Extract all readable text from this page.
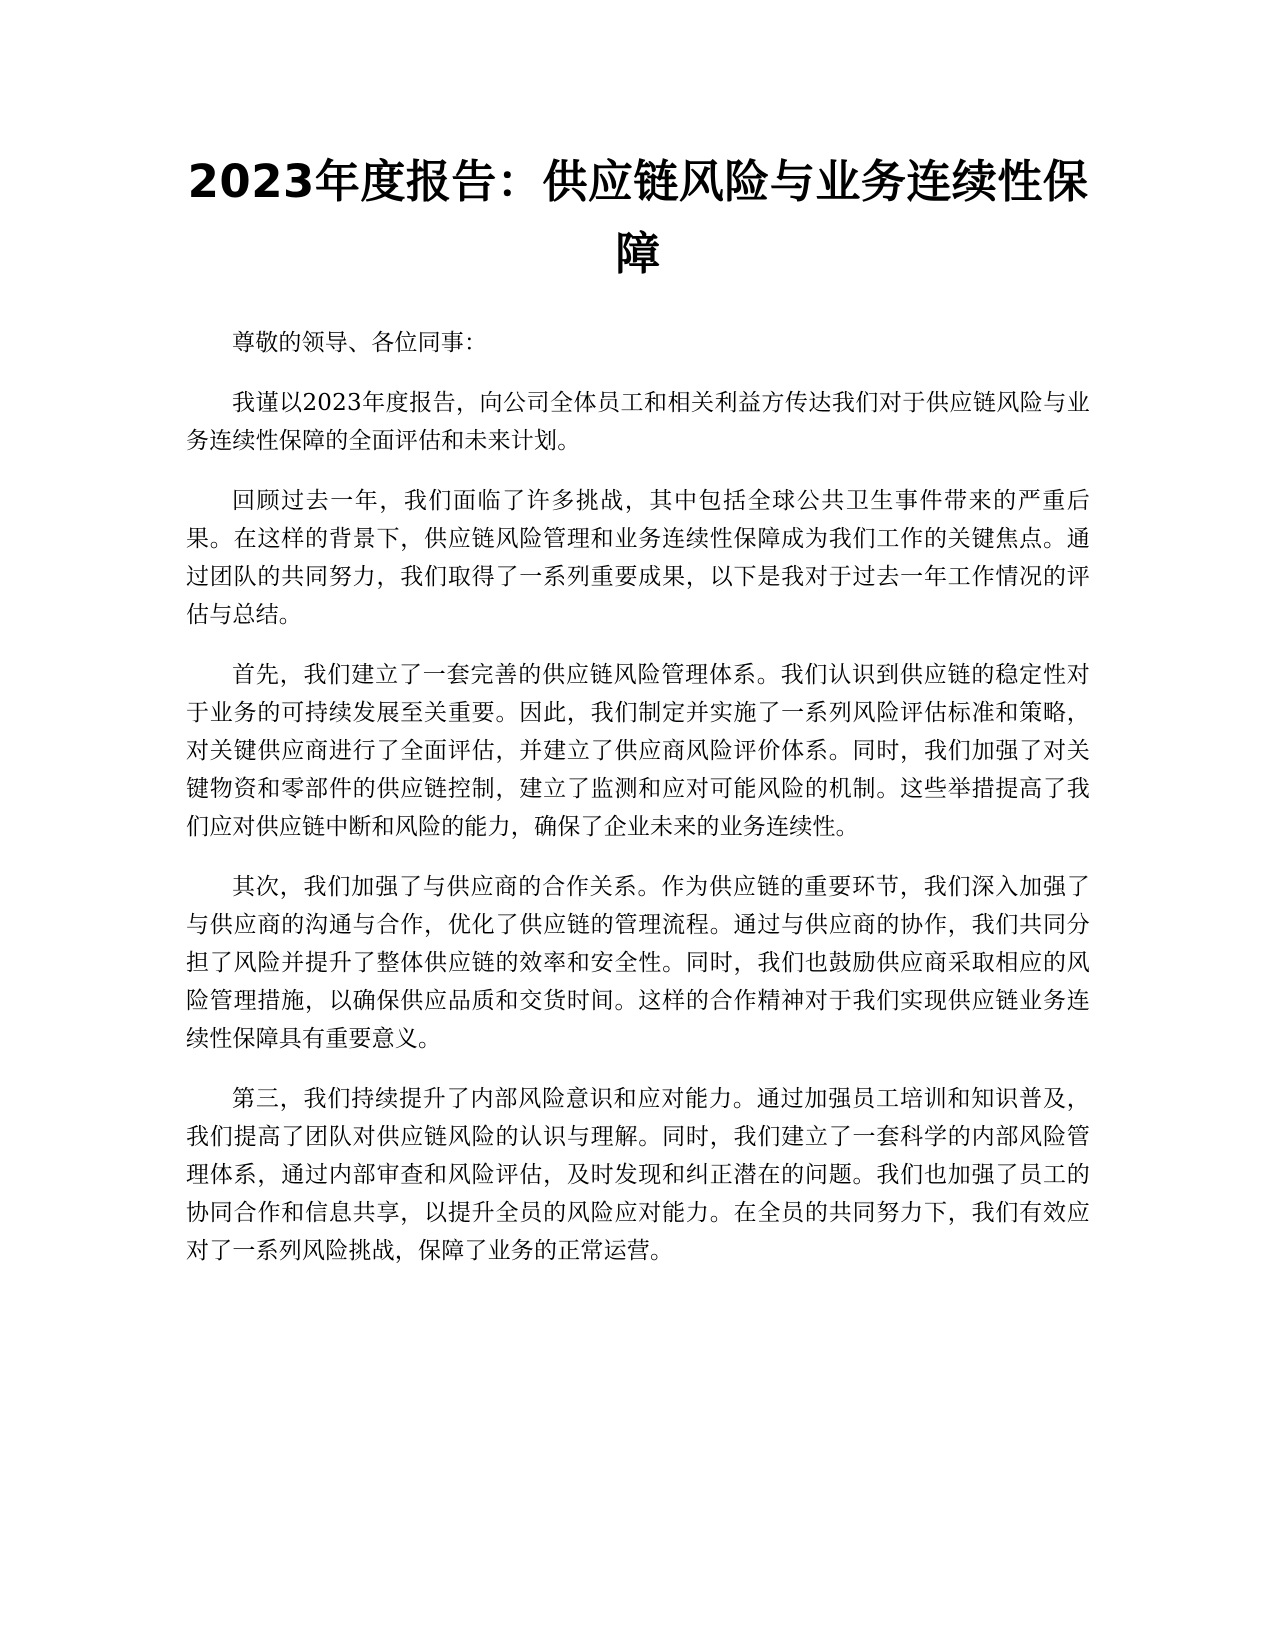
2023年度报告：供应链风险与业务连续性保障

尊敬的领导、各位同事：

我谨以2023年度报告，向公司全体员工和相关利益方传达我们对于供应链风险与业务连续性保障的全面评估和未来计划。

回顾过去一年，我们面临了许多挑战，其中包括全球公共卫生事件带来的严重后果。在这样的背景下，供应链风险管理和业务连续性保障成为我们工作的关键焦点。通过团队的共同努力，我们取得了一系列重要成果，以下是我对于过去一年工作情况的评估与总结。

首先，我们建立了一套完善的供应链风险管理体系。我们认识到供应链的稳定性对于业务的可持续发展至关重要。因此，我们制定并实施了一系列风险评估标准和策略，对关键供应商进行了全面评估，并建立了供应商风险评价体系。同时，我们加强了对关键物资和零部件的供应链控制，建立了监测和应对可能风险的机制。这些举措提高了我们应对供应链中断和风险的能力，确保了企业未来的业务连续性。

其次，我们加强了与供应商的合作关系。作为供应链的重要环节，我们深入加强了与供应商的沟通与合作，优化了供应链的管理流程。通过与供应商的协作，我们共同分担了风险并提升了整体供应链的效率和安全性。同时，我们也鼓励供应商采取相应的风险管理措施，以确保供应品质和交货时间。这样的合作精神对于我们实现供应链业务连续性保障具有重要意义。

第三，我们持续提升了内部风险意识和应对能力。通过加强员工培训和知识普及，我们提高了团队对供应链风险的认识与理解。同时，我们建立了一套科学的内部风险管理体系，通过内部审查和风险评估，及时发现和纠正潜在的问题。我们也加强了员工的协同合作和信息共享，以提升全员的风险应对能力。在全员的共同努力下，我们有效应对了一系列风险挑战，保障了业务的正常运营。
